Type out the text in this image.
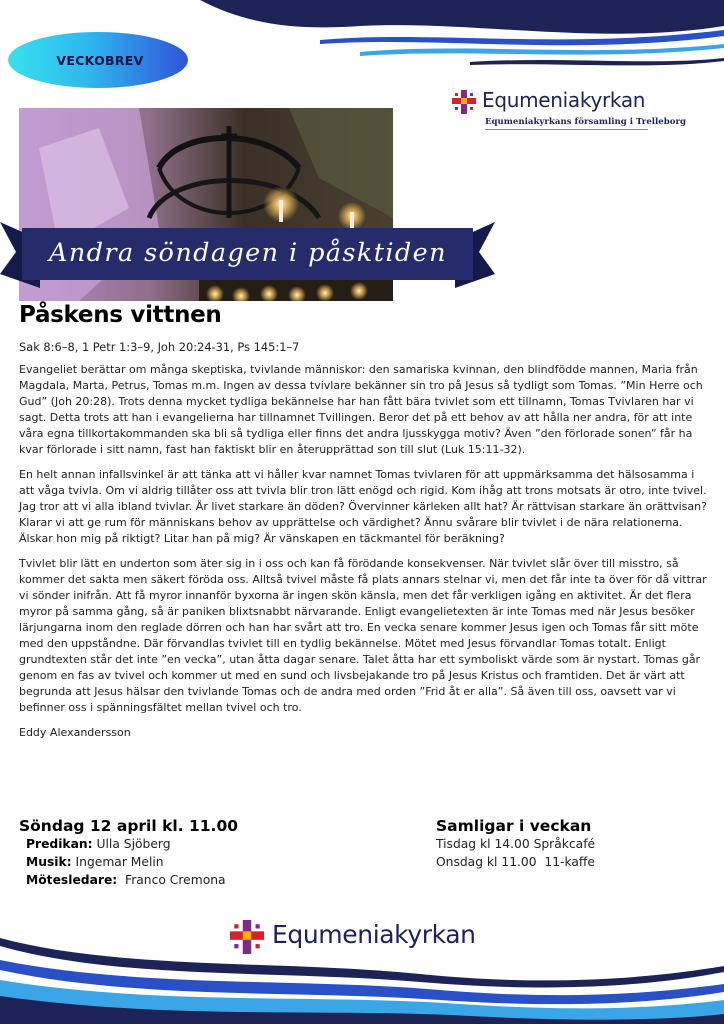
VECKOBREV
Equmeniakyrkan
Equmeniakyrkans församling i Trelleborg
Andra söndagen i påsktiden
Påskens vittnen
Sak 8:6–8, 1 Petr 1:3–9, Joh 20:24-31, Ps 145:1–7

Evangeliet berättar om många skeptiska, tvivlande människor: den samariska kvinnan, den blindfödde mannen, Maria från Magdala, Marta, Petrus, Tomas m.m. Ingen av dessa tvivlare bekänner sin tro på Jesus så tydligt som Tomas. ”Min Herre och Gud” (Joh 20:28). Trots denna mycket tydliga bekännelse har han fått bära tvivlet som ett tillnamn, Tomas Tvivlaren har vi sagt. Detta trots att han i evangelierna har tillnamnet Tvillingen. Beror det på ett behov av att hålla ner andra, för att inte våra egna tillkortakommanden ska bli så tydliga eller finns det andra ljusskygga motiv? Även ”den förlorade sonen” får ha kvar förlorade i sitt namn, fast han faktiskt blir en återupprättad son till slut (Luk 15:11-32).

En helt annan infallsvinkel är att tänka att vi håller kvar namnet Tomas tvivlaren för att uppmärksamma det hälsosamma i att våga tvivla. Om vi aldrig tillåter oss att tvivla blir tron lätt enögd och rigid. Kom ihåg att trons motsats är otro, inte tvivel. Jag tror att vi alla ibland tvivlar. Är livet starkare än döden? Övervinner kärleken allt hat? Är rättvisan starkare än orättvisan? Klarar vi att ge rum för människans behov av upprättelse och värdighet? Ännu svårare blir tvivlet i de nära relationerna. Älskar hon mig på riktigt? Litar han på mig? Är vänskapen en täckmantel för beräkning?

Tvivlet blir lätt en underton som äter sig in i oss och kan få förödande konsekvenser. När tvivlet slår över till misstro, så kommer det sakta men säkert föröda oss. Alltså tvivel måste få plats annars stelnar vi, men det får inte ta över för då vittrar vi sönder inifrån. Att få myror innanför byxorna är ingen skön känsla, men det får verkligen igång en aktivitet. Är det flera myror på samma gång, så är paniken blixtsnabbt närvarande. Enligt evangelietexten är inte Tomas med när Jesus besöker lärjungarna inom den reglade dörren och han har svårt att tro. En vecka senare kommer Jesus igen och Tomas får sitt möte med den uppståndne. Där förvandlas tvivlet till en tydlig bekännelse. Mötet med Jesus förvandlar Tomas totalt. Enligt grundtexten står det inte ”en vecka”, utan åtta dagar senare. Talet åtta har ett symboliskt värde som är nystart. Tomas går genom en fas av tvivel och kommer ut med en sund och livsbejakande tro på Jesus Kristus och framtiden. Det är värt att begrunda att Jesus hälsar den tvivlande Tomas och de andra med orden ”Frid åt er alla”. Så även till oss, oavsett var vi befinner oss i spänningsfältet mellan tvivel och tro.

Eddy Alexandersson

Söndag 12 april kl. 11.00
Predikan: Ulla Sjöberg
Musik: Ingemar Melin
Mötesledare:  Franco Cremona
Samligar i veckan
Tisdag kl 14.00 Språkcafé
Onsdag kl 11.00  11-kaffe
Equmeniakyrkan
